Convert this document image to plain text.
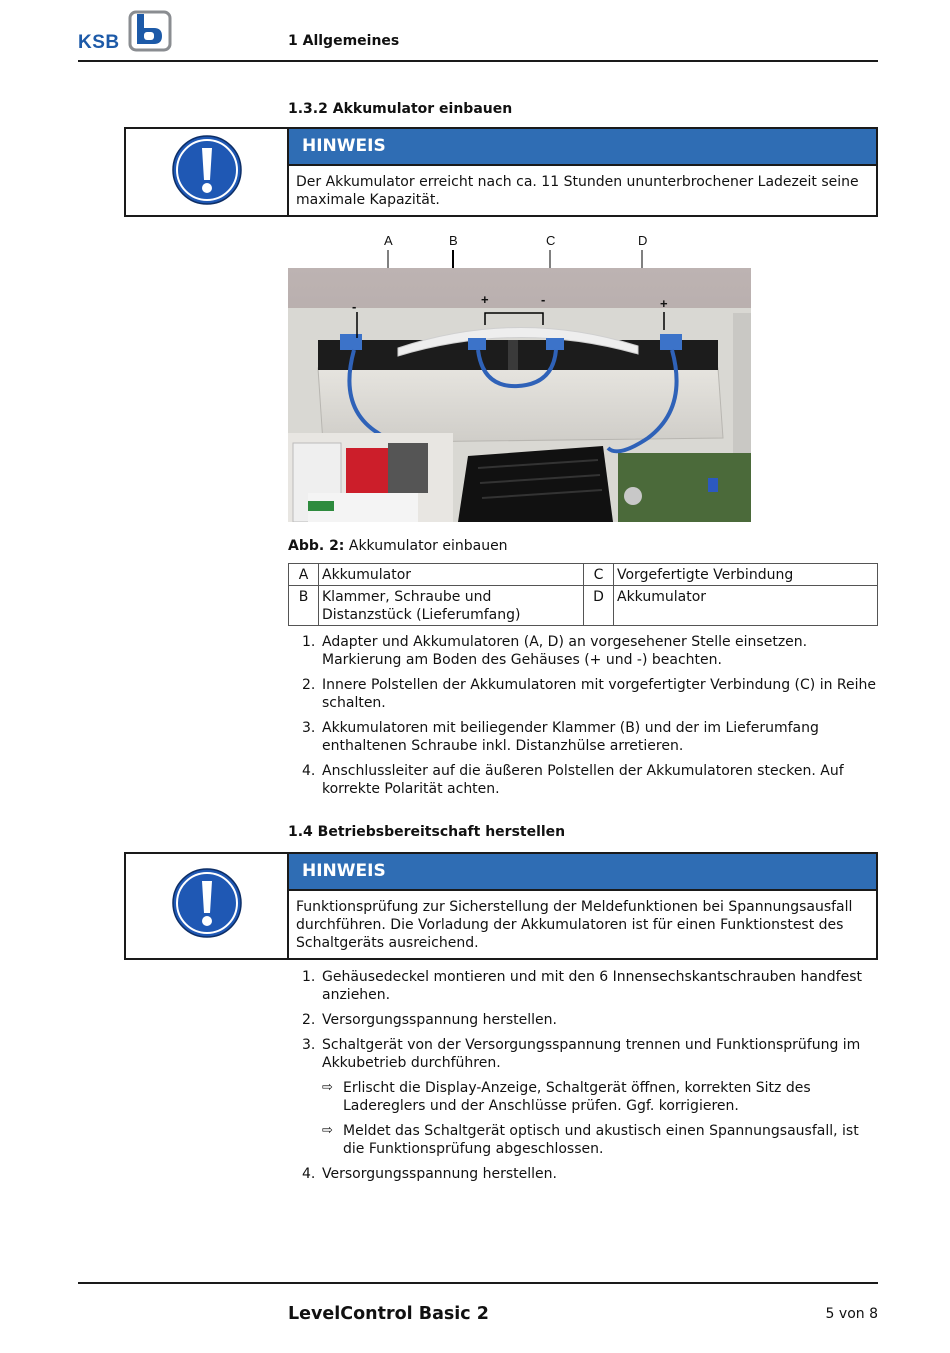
KSB	1 Allgemeines
1.3.2 Akkumulator einbauen
HINWEIS
Der Akkumulator erreicht nach ca. 11 Stunden ununterbrochener Ladezeit seine maximale Kapazität.
A	B	C	D
-	+	-	+
Abb. 2: Akkumulator einbauen
A	Akkumulator	C	Vorgefertigte Verbindung
B	Klammer, Schraube und Distanzstück (Lieferumfang)	D	Akkumulator
1. Adapter und Akkumulatoren (A, D) an vorgesehener Stelle einsetzen. Markierung am Boden des Gehäuses (+ und -) beachten.
2. Innere Polstellen der Akkumulatoren mit vorgefertigter Verbindung (C) in Reihe schalten.
3. Akkumulatoren mit beiliegender Klammer (B) und der im Lieferumfang enthaltenen Schraube inkl. Distanzhülse arretieren.
4. Anschlussleiter auf die äußeren Polstellen der Akkumulatoren stecken. Auf korrekte Polarität achten.
1.4 Betriebsbereitschaft herstellen
HINWEIS
Funktionsprüfung zur Sicherstellung der Meldefunktionen bei Spannungsausfall durchführen. Die Vorladung der Akkumulatoren ist für einen Funktionstest des Schaltgeräts ausreichend.
1. Gehäusedeckel montieren und mit den 6 Innensechskantschrauben handfest anziehen.
2. Versorgungsspannung herstellen.
3. Schaltgerät von der Versorgungsspannung trennen und Funktionsprüfung im Akkubetrieb durchführen.
⇨ Erlischt die Display-Anzeige, Schaltgerät öffnen, korrekten Sitz des Ladereglers und der Anschlüsse prüfen. Ggf. korrigieren.
⇨ Meldet das Schaltgerät optisch und akustisch einen Spannungsausfall, ist die Funktionsprüfung abgeschlossen.
4. Versorgungsspannung herstellen.
LevelControl Basic 2	5 von 8
